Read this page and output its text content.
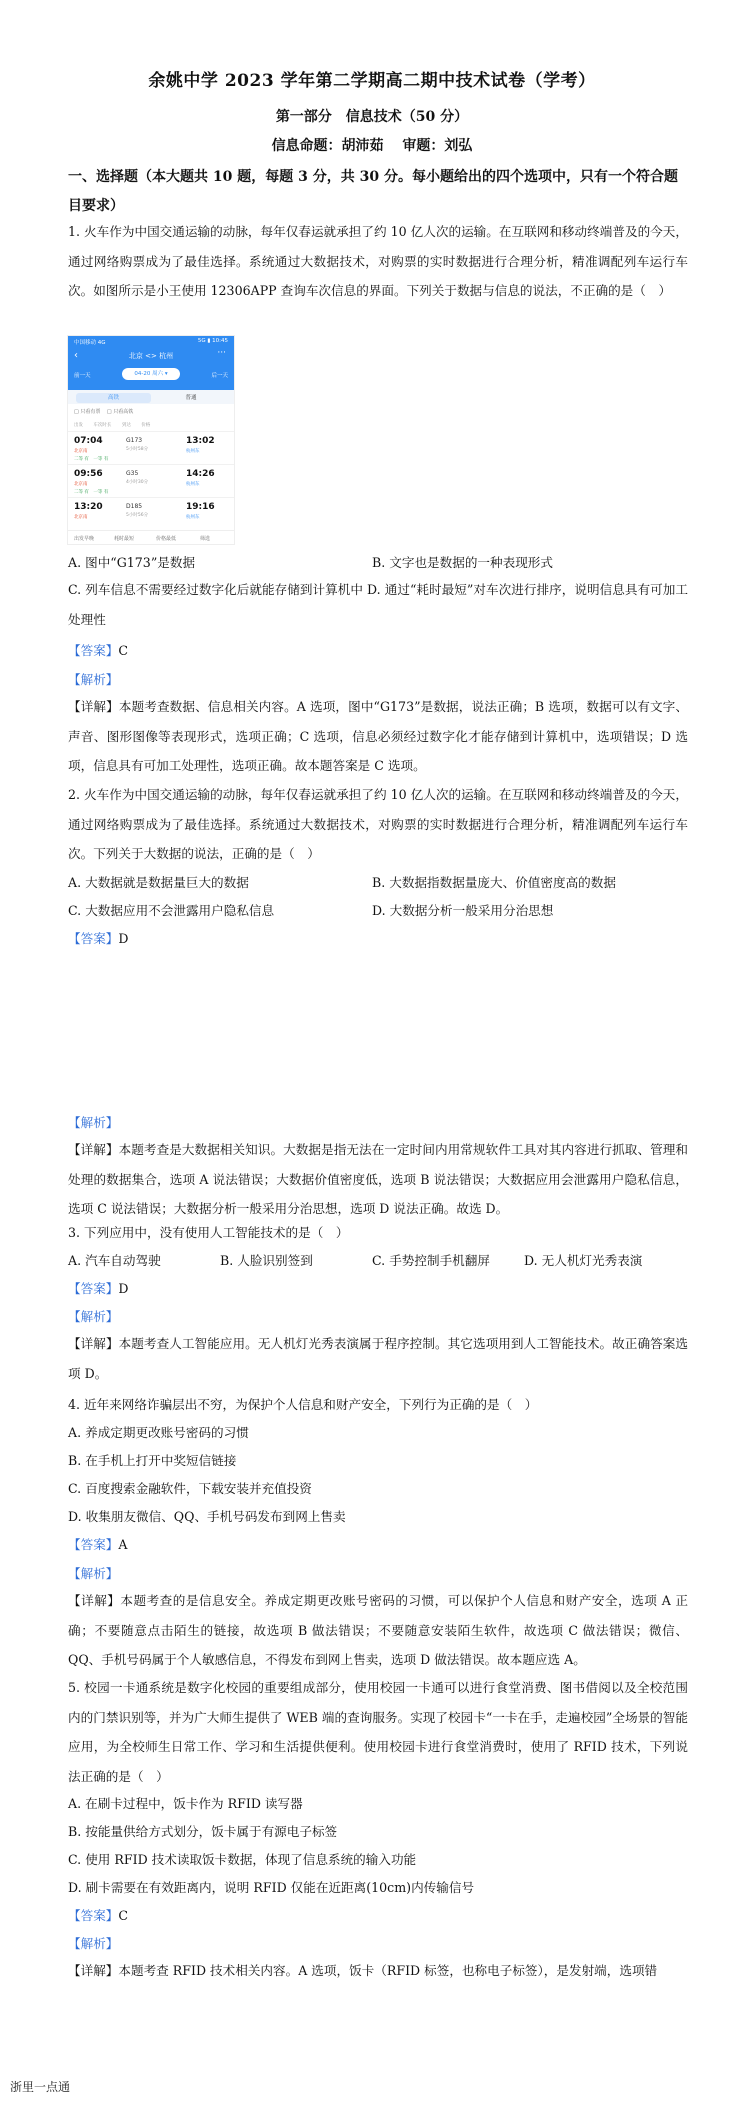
余姚中学 2023 学年第二学期高二期中技术试卷（学考）
第一部分　信息技术（50 分）
信息命题：胡沛茹　 审题：刘弘
一、选择题（本大题共 10 题，每题 3 分，共 30 分。每小题给出的四个选项中，只有一个符合题目要求）
1. 火车作为中国交通运输的动脉，每年仅春运就承担了约 10 亿人次的运输。在互联网和移动终端普及的今天，通过网络购票成为了最佳选择。系统通过大数据技术，对购票的实时数据进行合理分析，精准调配列车运行车次。如图所示是小王使用 12306APP 查询车次信息的界面。下列关于数据与信息的说法，不正确的是（　）
中国移动 4G	5G ▮ 10:45
‹	北京 <> 杭州	···
前一天	04-20 周六 ▾	后一天
高铁	普通
□ 只看有票　 □ 只看高铁
出发　　 车次时长　　 到达　　 价格
07:04	G173	13:02
北京南	5小时58分	杭州东
二等 有　一等 有
09:56	G35	14:26
北京南	4小时30分	杭州东
二等 有　一等 有
13:20	D185	19:16
北京南	5小时56分	杭州东
出发早晚	耗时最短	价格最低	筛选
A. 图中“G173”是数据	B. 文字也是数据的一种表现形式
C. 列车信息不需要经过数字化后就能存储到计算机中 D. 通过“耗时最短”对车次进行排序，说明信息具有可加工处理性
【答案】C
【解析】
【详解】本题考查数据、信息相关内容。A 选项，图中“G173”是数据，说法正确；B 选项，数据可以有文字、声音、图形图像等表现形式，选项正确；C 选项，信息必须经过数字化才能存储到计算机中，选项错误；D 选项，信息具有可加工处理性，选项正确。故本题答案是 C 选项。
2. 火车作为中国交通运输的动脉，每年仅春运就承担了约 10 亿人次的运输。在互联网和移动终端普及的今天，通过网络购票成为了最佳选择。系统通过大数据技术，对购票的实时数据进行合理分析，精准调配列车运行车次。下列关于大数据的说法，正确的是（　）
A. 大数据就是数据量巨大的数据	B. 大数据指数据量庞大、价值密度高的数据
C. 大数据应用不会泄露用户隐私信息	D. 大数据分析一般采用分治思想
【答案】D
【解析】
【详解】本题考查是大数据相关知识。大数据是指无法在一定时间内用常规软件工具对其内容进行抓取、管理和处理的数据集合，选项 A 说法错误；大数据价值密度低，选项 B 说法错误；大数据应用会泄露用户隐私信息，选项 C 说法错误；大数据分析一般采用分治思想，选项 D 说法正确。故选 D。
3. 下列应用中，没有使用人工智能技术的是（　）
A. 汽车自动驾驶	B. 人脸识别签到	C. 手势控制手机翻屏	D. 无人机灯光秀表演
【答案】D
【解析】
【详解】本题考查人工智能应用。无人机灯光秀表演属于程序控制。其它选项用到人工智能技术。故正确答案选项 D。
4. 近年来网络诈骗层出不穷，为保护个人信息和财产安全，下列行为正确的是（　）
A. 养成定期更改账号密码的习惯
B. 在手机上打开中奖短信链接
C. 百度搜索金融软件，下载安装并充值投资
D. 收集朋友微信、QQ、手机号码发布到网上售卖
【答案】A
【解析】
【详解】本题考查的是信息安全。养成定期更改账号密码的习惯，可以保护个人信息和财产安全，选项 A 正确；不要随意点击陌生的链接，故选项 B 做法错误；不要随意安装陌生软件，故选项 C 做法错误；微信、QQ、手机号码属于个人敏感信息，不得发布到网上售卖，选项 D 做法错误。故本题应选 A。
5. 校园一卡通系统是数字化校园的重要组成部分，使用校园一卡通可以进行食堂消费、图书借阅以及全校范围内的门禁识别等，并为广大师生提供了 WEB 端的查询服务。实现了校园卡“一卡在手，走遍校园”全场景的智能应用，为全校师生日常工作、学习和生活提供便利。使用校园卡进行食堂消费时，使用了 RFID 技术，下列说法正确的是（　）
A. 在刷卡过程中，饭卡作为 RFID 读写器
B. 按能量供给方式划分，饭卡属于有源电子标签
C. 使用 RFID 技术读取饭卡数据，体现了信息系统的输入功能
D. 刷卡需要在有效距离内，说明 RFID 仅能在近距离(10cm)内传输信号
【答案】C
【解析】
【详解】本题考查 RFID 技术相关内容。A 选项，饭卡（RFID 标签，也称电子标签），是发射端，选项错
浙里一点通
